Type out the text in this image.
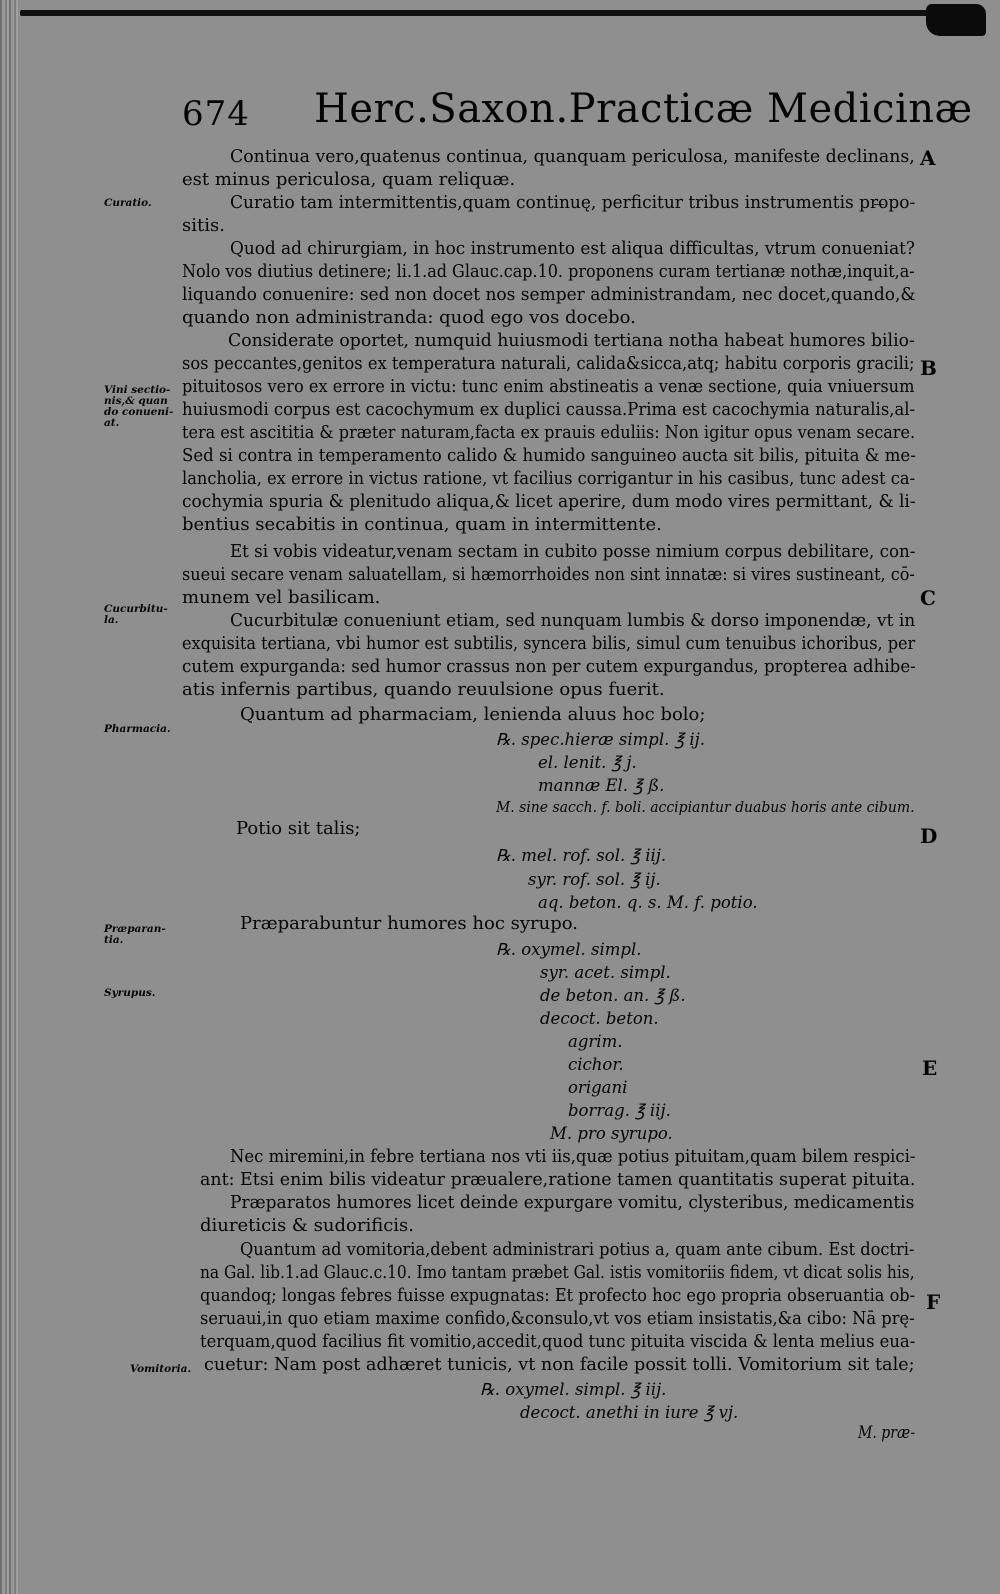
674 Herc.Saxon.Practicæ Medicinæ
Curatio.
Vini sectio-
nis,& quan
do conueni-
at.
Cucurbitu-
la.
Pharmacia.
Præparan-
tia.
Syrupus.
Vomitoria.
A
B
C
D
E
F
Continua vero,quatenus continua, quanquam periculosa, manifeste declinans,
est minus periculosa, quam reliquæ.
Curatio tam intermittentis,quam continuę, perficitur tribus instrumentis propo-
sitis.
Quod ad chirurgiam, in hoc instrumento est aliqua difficultas, vtrum conueniat?
Nolo vos diutius detinere; li.1.ad Glauc.cap.10. proponens curam tertianæ nothæ,inquit,a-
liquando conuenire: sed non docet nos semper administrandam, nec docet,quando,&
quando non administranda: quod ego vos docebo.
Considerate oportet, numquid huiusmodi tertiana notha habeat humores bilio-
sos peccantes,genitos ex temperatura naturali, calida&sicca,atq; habitu corporis gracili;
pituitosos vero ex errore in victu: tunc enim abstineatis a venæ sectione, quia vniuersum
huiusmodi corpus est cacochymum ex duplici caussa.Prima est cacochymia naturalis,al-
tera est ascititia & præter naturam,facta ex prauis eduliis: Non igitur opus venam secare.
Sed si contra in temperamento calido & humido sanguineo aucta sit bilis, pituita & me-
lancholia, ex errore in victus ratione, vt facilius corrigantur in his casibus, tunc adest ca-
cochymia spuria & plenitudo aliqua,& licet aperire, dum modo vires permittant, & li-
bentius secabitis in continua, quam in intermittente.
Et si vobis videatur,venam sectam in cubito posse nimium corpus debilitare, con-
sueui secare venam saluatellam, si hæmorrhoides non sint innatæ: si vires sustineant, cō-
munem vel basilicam.
Cucurbitulæ conueniunt etiam, sed nunquam lumbis & dorso imponendæ, vt in
exquisita tertiana, vbi humor est subtilis, syncera bilis, simul cum tenuibus ichoribus, per
cutem expurganda: sed humor crassus non per cutem expurgandus, propterea adhibe-
atis infernis partibus, quando reuulsione opus fuerit.
Quantum ad pharmaciam, lenienda aluus hoc bolo;
℞. spec.hieræ simpl. ℥ ij.
el. lenit. ℥ j.
mannæ El. ℥ ß.
M. sine sacch. f. boli. accipiantur duabus horis ante cibum.
Potio sit talis;
℞. mel. rof. sol. ℥ iij.
syr. rof. sol. ℥ ij.
aq. beton. q. s. M. f. potio.
Præparabuntur humores hoc syrupo.
℞. oxymel. simpl.
syr. acet. simpl.
de beton. an. ℥ ß.
decoct. beton.
agrim.
cichor.
origani
borrag. ℥ iij.
M. pro syrupo.
Nec miremini,in febre tertiana nos vti iis,quæ potius pituitam,quam bilem respici-
ant: Etsi enim bilis videatur præualere,ratione tamen quantitatis superat pituita.
Præparatos humores licet deinde expurgare vomitu, clysteribus, medicamentis
diureticis & sudorificis.
Quantum ad vomitoria,debent administrari potius a, quam ante cibum. Est doctri-
na Gal. lib.1.ad Glauc.c.10. Imo tantam præbet Gal. istis vomitoriis fidem, vt dicat solis his,
quandoq; longas febres fuisse expugnatas: Et profecto hoc ego propria obseruantia ob-
seruaui,in quo etiam maxime confido,&consulo,vt vos etiam insistatis,&a cibo: Nā prę-
terquam,quod facilius fit vomitio,accedit,quod tunc pituita viscida & lenta melius eua-
cuetur: Nam post adhæret tunicis, vt non facile possit tolli. Vomitorium sit tale;
℞. oxymel. simpl. ℥ iij.
decoct. anethi in iure ℥ vj.
M. præ-
